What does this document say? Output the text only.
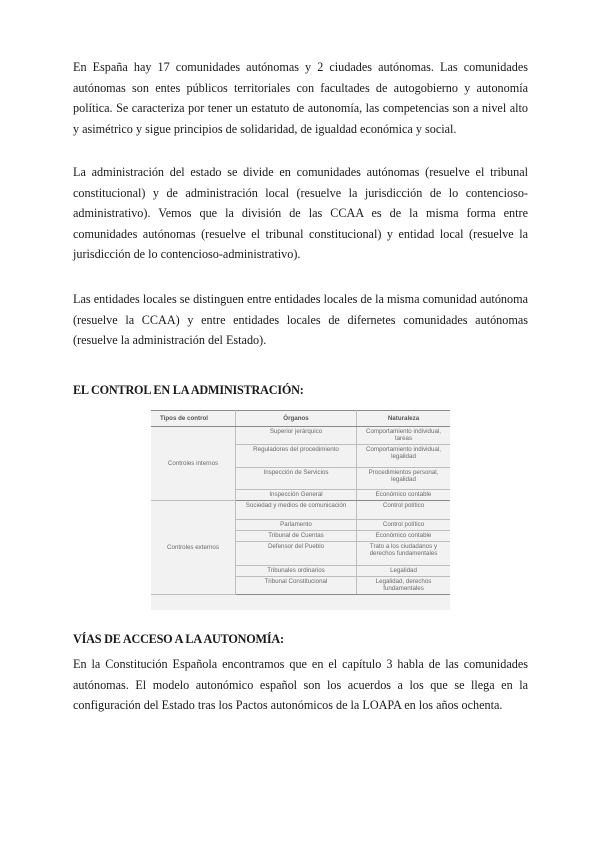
En España hay 17 comunidades autónomas y 2 ciudades autónomas. Las comunidades autónomas son entes públicos territoriales con facultades de autogobierno y autonomía política. Se caracteriza por tener un estatuto de autonomía, las competencias son a nivel alto y asimétrico y sigue principios de solidaridad, de igualdad económica y social.

La administración del estado se divide en comunidades autónomas (resuelve el tribunal constitucional) y de administración local (resuelve la jurisdicción de lo contencioso-administrativo). Vemos que la división de las CCAA es de la misma forma entre comunidades autónomas (resuelve el tribunal constitucional) y entidad local (resuelve la jurisdicción de lo contencioso-administrativo).

Las entidades locales se distinguen entre entidades locales de la misma comunidad autónoma (resuelve la CCAA) y entre entidades locales de difernetes comunidades autónomas (resuelve la administración del Estado).

EL CONTROL EN LA ADMINISTRACIÓN:
Tipos de control	Órganos	Naturaleza
Controles internos	Superior jerárquico	Comportamiento individual, tareas
	Reguladores del procedimiento	Comportamiento individual, legalidad
	Inspección de Servicios	Procedimientos personal, legalidad
	Inspección General	Económico contable
Controles externos	Sociedad y medios de comunicación	Control político
	Parlamento	Control político
	Tribunal de Cuentas	Económico contable
	Defensor del Pueblo	Trato a los ciudadanos y derechos fundamentales
	Tribunales ordinarios	Legalidad
	Tribunal Constitucional	Legalidad, derechos fundamentales
VÍAS DE ACCESO A LA AUTONOMÍA:

En la Constitución Española encontramos que en el capítulo 3 habla de las comunidades autónomas. El modelo autonómico español son los acuerdos a los que se llega en la configuración del Estado tras los Pactos autonómicos de la LOAPA en los años ochenta.
